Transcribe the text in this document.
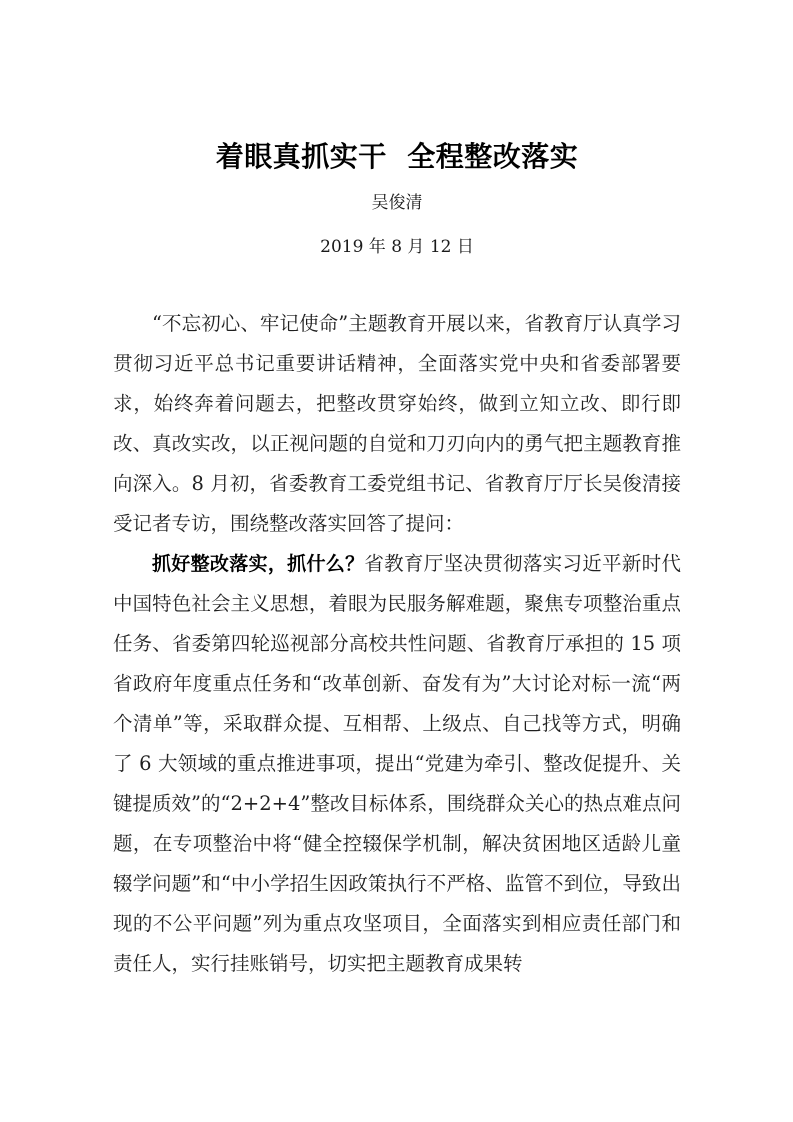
着眼真抓实干  全程整改落实
吴俊清
2019 年 8 月 12 日

“不忘初心、牢记使命”主题教育开展以来，省教育厅认真学习贯彻习近平总书记重要讲话精神，全面落实党中央和省委部署要求，始终奔着问题去，把整改贯穿始终，做到立知立改、即行即改、真改实改，以正视问题的自觉和刀刃向内的勇气把主题教育推向深入。8 月初，省委教育工委党组书记、省教育厅厅长吴俊清接受记者专访，围绕整改落实回答了提问：

抓好整改落实，抓什么？省教育厅坚决贯彻落实习近平新时代中国特色社会主义思想，着眼为民服务解难题，聚焦专项整治重点任务、省委第四轮巡视部分高校共性问题、省教育厅承担的 15 项省政府年度重点任务和“改革创新、奋发有为”大讨论对标一流“两个清单”等，采取群众提、互相帮、上级点、自己找等方式，明确了 6 大领域的重点推进事项，提出“党建为牵引、整改促提升、关键提质效”的“2+2+4”整改目标体系，围绕群众关心的热点难点问题，在专项整治中将“健全控辍保学机制，解决贫困地区适龄儿童辍学问题”和“中小学招生因政策执行不严格、监管不到位，导致出现的不公平问题”列为重点攻坚项目，全面落实到相应责任部门和责任人，实行挂账销号，切实把主题教育成果转
